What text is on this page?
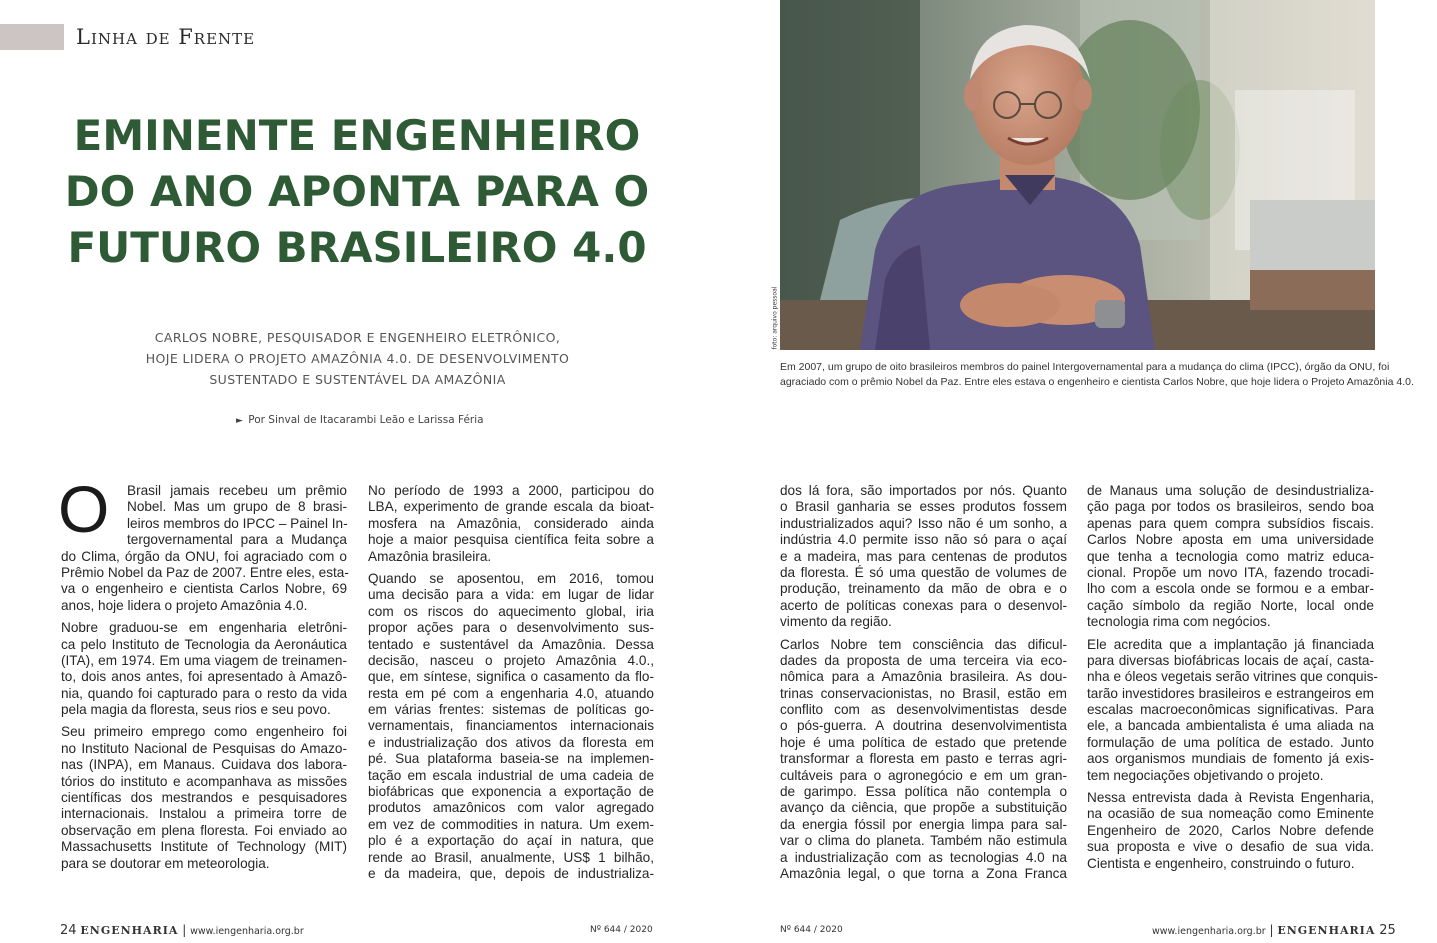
Linha de Frente
EMINENTE ENGENHEIRO
DO ANO APONTA PARA O
FUTURO BRASILEIRO 4.0
CARLOS NOBRE, PESQUISADOR E ENGENHEIRO ELETRÔNICO,
HOJE LIDERA O PROJETO AMAZÔNIA 4.0. DE DESENVOLVIMENTO
SUSTENTADO E SUSTENTÁVEL DA AMAZÔNIA
► Por Sinval de Itacarambi Leão e Larissa Féria
O Brasil jamais recebeu um prêmio
Nobel. Mas um grupo de 8 brasi-
leiros membros do IPCC – Painel In-
tergovernamental para a Mudança
do Clima, órgão da ONU, foi agraciado com o
Prêmio Nobel da Paz de 2007. Entre eles, esta-
va o engenheiro e cientista Carlos Nobre, 69
anos, hoje lidera o projeto Amazônia 4.0.
Nobre graduou-se em engenharia eletrôni-
ca pelo Instituto de Tecnologia da Aeronáutica
(ITA), em 1974. Em uma viagem de treinamen-
to, dois anos antes, foi apresentado à Amazô-
nia, quando foi capturado para o resto da vida
pela magia da floresta, seus rios e seu povo.
Seu primeiro emprego como engenheiro foi
no Instituto Nacional de Pesquisas do Amazo-
nas (INPA), em Manaus. Cuidava dos labora-
tórios do instituto e acompanhava as missões
científicas dos mestrandos e pesquisadores
internacionais. Instalou a primeira torre de
observação em plena floresta. Foi enviado ao
Massachusetts Institute of Technology (MIT)
para se doutorar em meteorologia.
No período de 1993 a 2000, participou do
LBA, experimento de grande escala da bioat-
mosfera na Amazônia, considerado ainda
hoje a maior pesquisa científica feita sobre a
Amazônia brasileira.
Quando se aposentou, em 2016, tomou
uma decisão para a vida: em lugar de lidar
com os riscos do aquecimento global, iria
propor ações para o desenvolvimento sus-
tentado e sustentável da Amazônia. Dessa
decisão, nasceu o projeto Amazônia 4.0.,
que, em síntese, significa o casamento da flo-
resta em pé com a engenharia 4.0, atuando
em várias frentes: sistemas de políticas go-
vernamentais, financiamentos internacionais
e industrialização dos ativos da floresta em
pé. Sua plataforma baseia-se na implemen-
tação em escala industrial de uma cadeia de
biofábricas que exponencia a exportação de
produtos amazônicos com valor agregado
em vez de commodities in natura. Um exem-
plo é a exportação do açaí in natura, que
rende ao Brasil, anualmente, US$ 1 bilhão,
e da madeira, que, depois de industrializa-
foto: arquivo pessoal
Em 2007, um grupo de oito brasileiros membros do painel Intergovernamental para a mudança do clima (IPCC), órgão da ONU, foi
agraciado com o prêmio Nobel da Paz. Entre eles estava o engenheiro e cientista Carlos Nobre, que hoje lidera o Projeto Amazônia 4.0.
dos lá fora, são importados por nós. Quanto
o Brasil ganharia se esses produtos fossem
industrializados aqui? Isso não é um sonho, a
indústria 4.0 permite isso não só para o açaí
e a madeira, mas para centenas de produtos
da floresta. É só uma questão de volumes de
produção, treinamento da mão de obra e o
acerto de políticas conexas para o desenvol-
vimento da região.
Carlos Nobre tem consciência das dificul-
dades da proposta de uma terceira via eco-
nômica para a Amazônia brasileira. As dou-
trinas conservacionistas, no Brasil, estão em
conflito com as desenvolvimentistas desde
o pós-guerra. A doutrina desenvolvimentista
hoje é uma política de estado que pretende
transformar a floresta em pasto e terras agri-
cultáveis para o agronegócio e em um gran-
de garimpo. Essa política não contempla o
avanço da ciência, que propõe a substituição
da energia fóssil por energia limpa para sal-
var o clima do planeta. Também não estimula
a industrialização com as tecnologias 4.0 na
Amazônia legal, o que torna a Zona Franca
de Manaus uma solução de desindustrializa-
ção paga por todos os brasileiros, sendo boa
apenas para quem compra subsídios fiscais.
Carlos Nobre aposta em uma universidade
que tenha a tecnologia como matriz educa-
cional. Propõe um novo ITA, fazendo trocadi-
lho com a escola onde se formou e a embar-
cação símbolo da região Norte, local onde
tecnologia rima com negócios.
Ele acredita que a implantação já financiada
para diversas biofábricas locais de açaí, casta-
nha e óleos vegetais serão vitrines que conquis-
tarão investidores brasileiros e estrangeiros em
escalas macroeconômicas significativas. Para
ele, a bancada ambientalista é uma aliada na
formulação de uma política de estado. Junto
aos organismos mundiais de fomento já exis-
tem negociações objetivando o projeto.
Nessa entrevista dada à Revista Engenharia,
na ocasião de sua nomeação como Eminente
Engenheiro de 2020, Carlos Nobre defende
sua proposta e vive o desafio de sua vida.
Cientista e engenheiro, construindo o futuro.
24 ENGENHARIA | www.iengenharia.org.br	Nº 644 / 2020	Nº 644 / 2020	www.iengenharia.org.br | ENGENHARIA 25
